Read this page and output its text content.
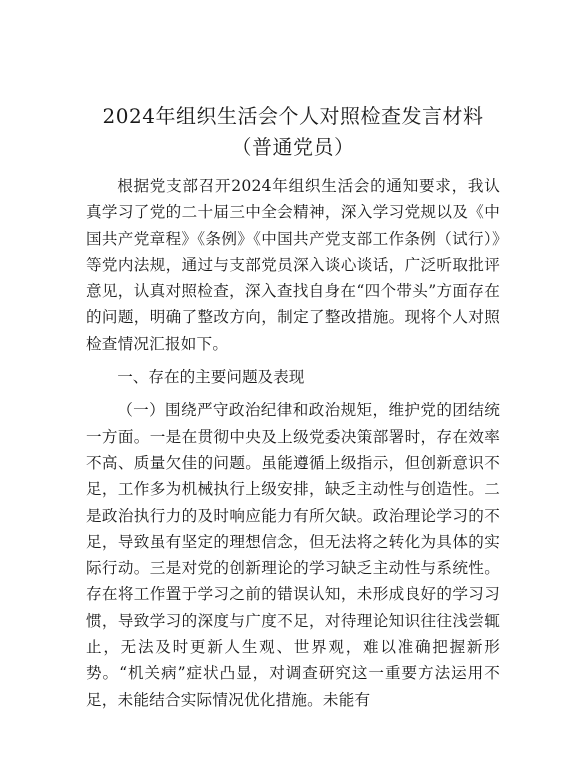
2024年组织生活会个人对照检查发言材料（普通党员）

根据党支部召开2024年组织生活会的通知要求，我认真学习了党的二十届三中全会精神，深入学习党规以及《中国共产党章程》《条例》《中国共产党支部工作条例（试行）》等党内法规，通过与支部党员深入谈心谈话，广泛听取批评意见，认真对照检查，深入查找自身在“四个带头”方面存在的问题，明确了整改方向，制定了整改措施。现将个人对照检查情况汇报如下。

一、存在的主要问题及表现

（一）围绕严守政治纪律和政治规矩，维护党的团结统一方面。一是在贯彻中央及上级党委决策部署时，存在效率不高、质量欠佳的问题。虽能遵循上级指示，但创新意识不足，工作多为机械执行上级安排，缺乏主动性与创造性。二是政治执行力的及时响应能力有所欠缺。政治理论学习的不足，导致虽有坚定的理想信念，但无法将之转化为具体的实际行动。三是对党的创新理论的学习缺乏主动性与系统性。存在将工作置于学习之前的错误认知，未形成良好的学习习惯，导致学习的深度与广度不足，对待理论知识往往浅尝辄止，无法及时更新人生观、世界观，难以准确把握新形势。“机关病”症状凸显，对调查研究这一重要方法运用不足，未能结合实际情况优化措施。未能有
